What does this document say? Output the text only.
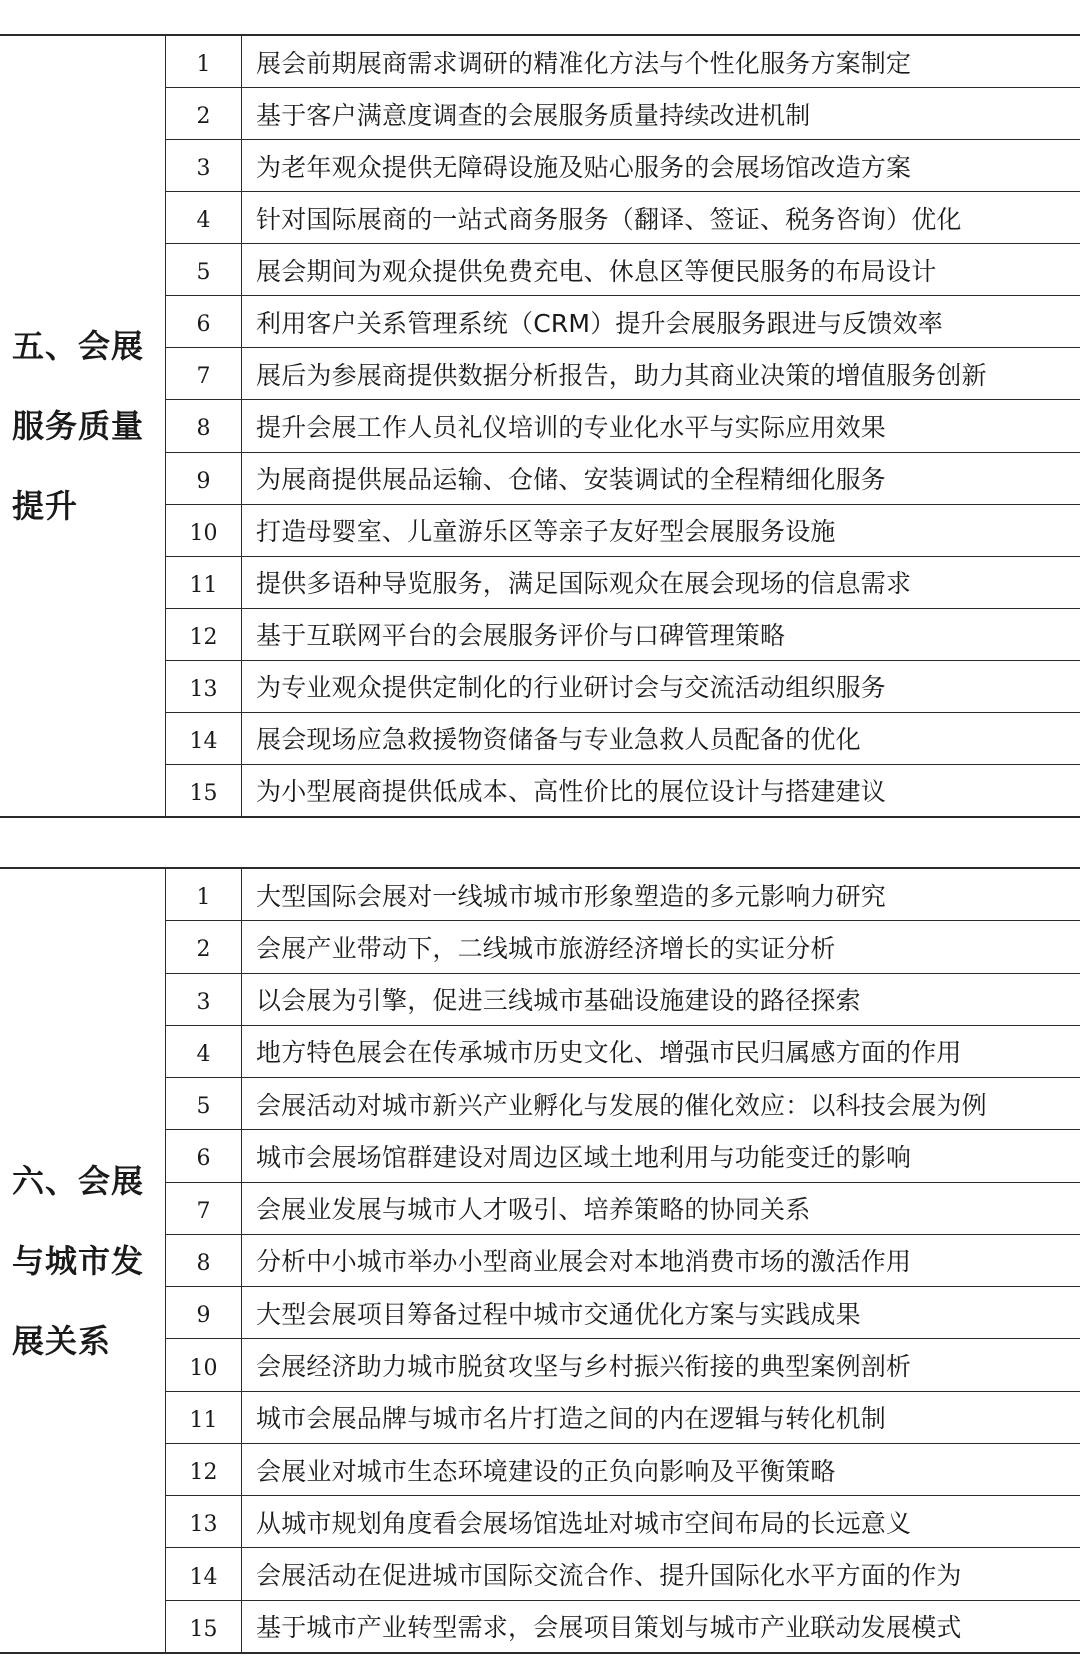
五、会展
服务质量
提升
1	展会前期展商需求调研的精准化方法与个性化服务方案制定
2	基于客户满意度调查的会展服务质量持续改进机制
3	为老年观众提供无障碍设施及贴心服务的会展场馆改造方案
4	针对国际展商的一站式商务服务（翻译、签证、税务咨询）优化
5	展会期间为观众提供免费充电、休息区等便民服务的布局设计
6	利用客户关系管理系统（CRM）提升会展服务跟进与反馈效率
7	展后为参展商提供数据分析报告，助力其商业决策的增值服务创新
8	提升会展工作人员礼仪培训的专业化水平与实际应用效果
9	为展商提供展品运输、仓储、安装调试的全程精细化服务
10	打造母婴室、儿童游乐区等亲子友好型会展服务设施
11	提供多语种导览服务，满足国际观众在展会现场的信息需求
12	基于互联网平台的会展服务评价与口碑管理策略
13	为专业观众提供定制化的行业研讨会与交流活动组织服务
14	展会现场应急救援物资储备与专业急救人员配备的优化
15	为小型展商提供低成本、高性价比的展位设计与搭建建议
六、会展
与城市发
展关系
1	大型国际会展对一线城市城市形象塑造的多元影响力研究
2	会展产业带动下，二线城市旅游经济增长的实证分析
3	以会展为引擎，促进三线城市基础设施建设的路径探索
4	地方特色展会在传承城市历史文化、增强市民归属感方面的作用
5	会展活动对城市新兴产业孵化与发展的催化效应：以科技会展为例
6	城市会展场馆群建设对周边区域土地利用与功能变迁的影响
7	会展业发展与城市人才吸引、培养策略的协同关系
8	分析中小城市举办小型商业展会对本地消费市场的激活作用
9	大型会展项目筹备过程中城市交通优化方案与实践成果
10	会展经济助力城市脱贫攻坚与乡村振兴衔接的典型案例剖析
11	城市会展品牌与城市名片打造之间的内在逻辑与转化机制
12	会展业对城市生态环境建设的正负向影响及平衡策略
13	从城市规划角度看会展场馆选址对城市空间布局的长远意义
14	会展活动在促进城市国际交流合作、提升国际化水平方面的作为
15	基于城市产业转型需求，会展项目策划与城市产业联动发展模式
